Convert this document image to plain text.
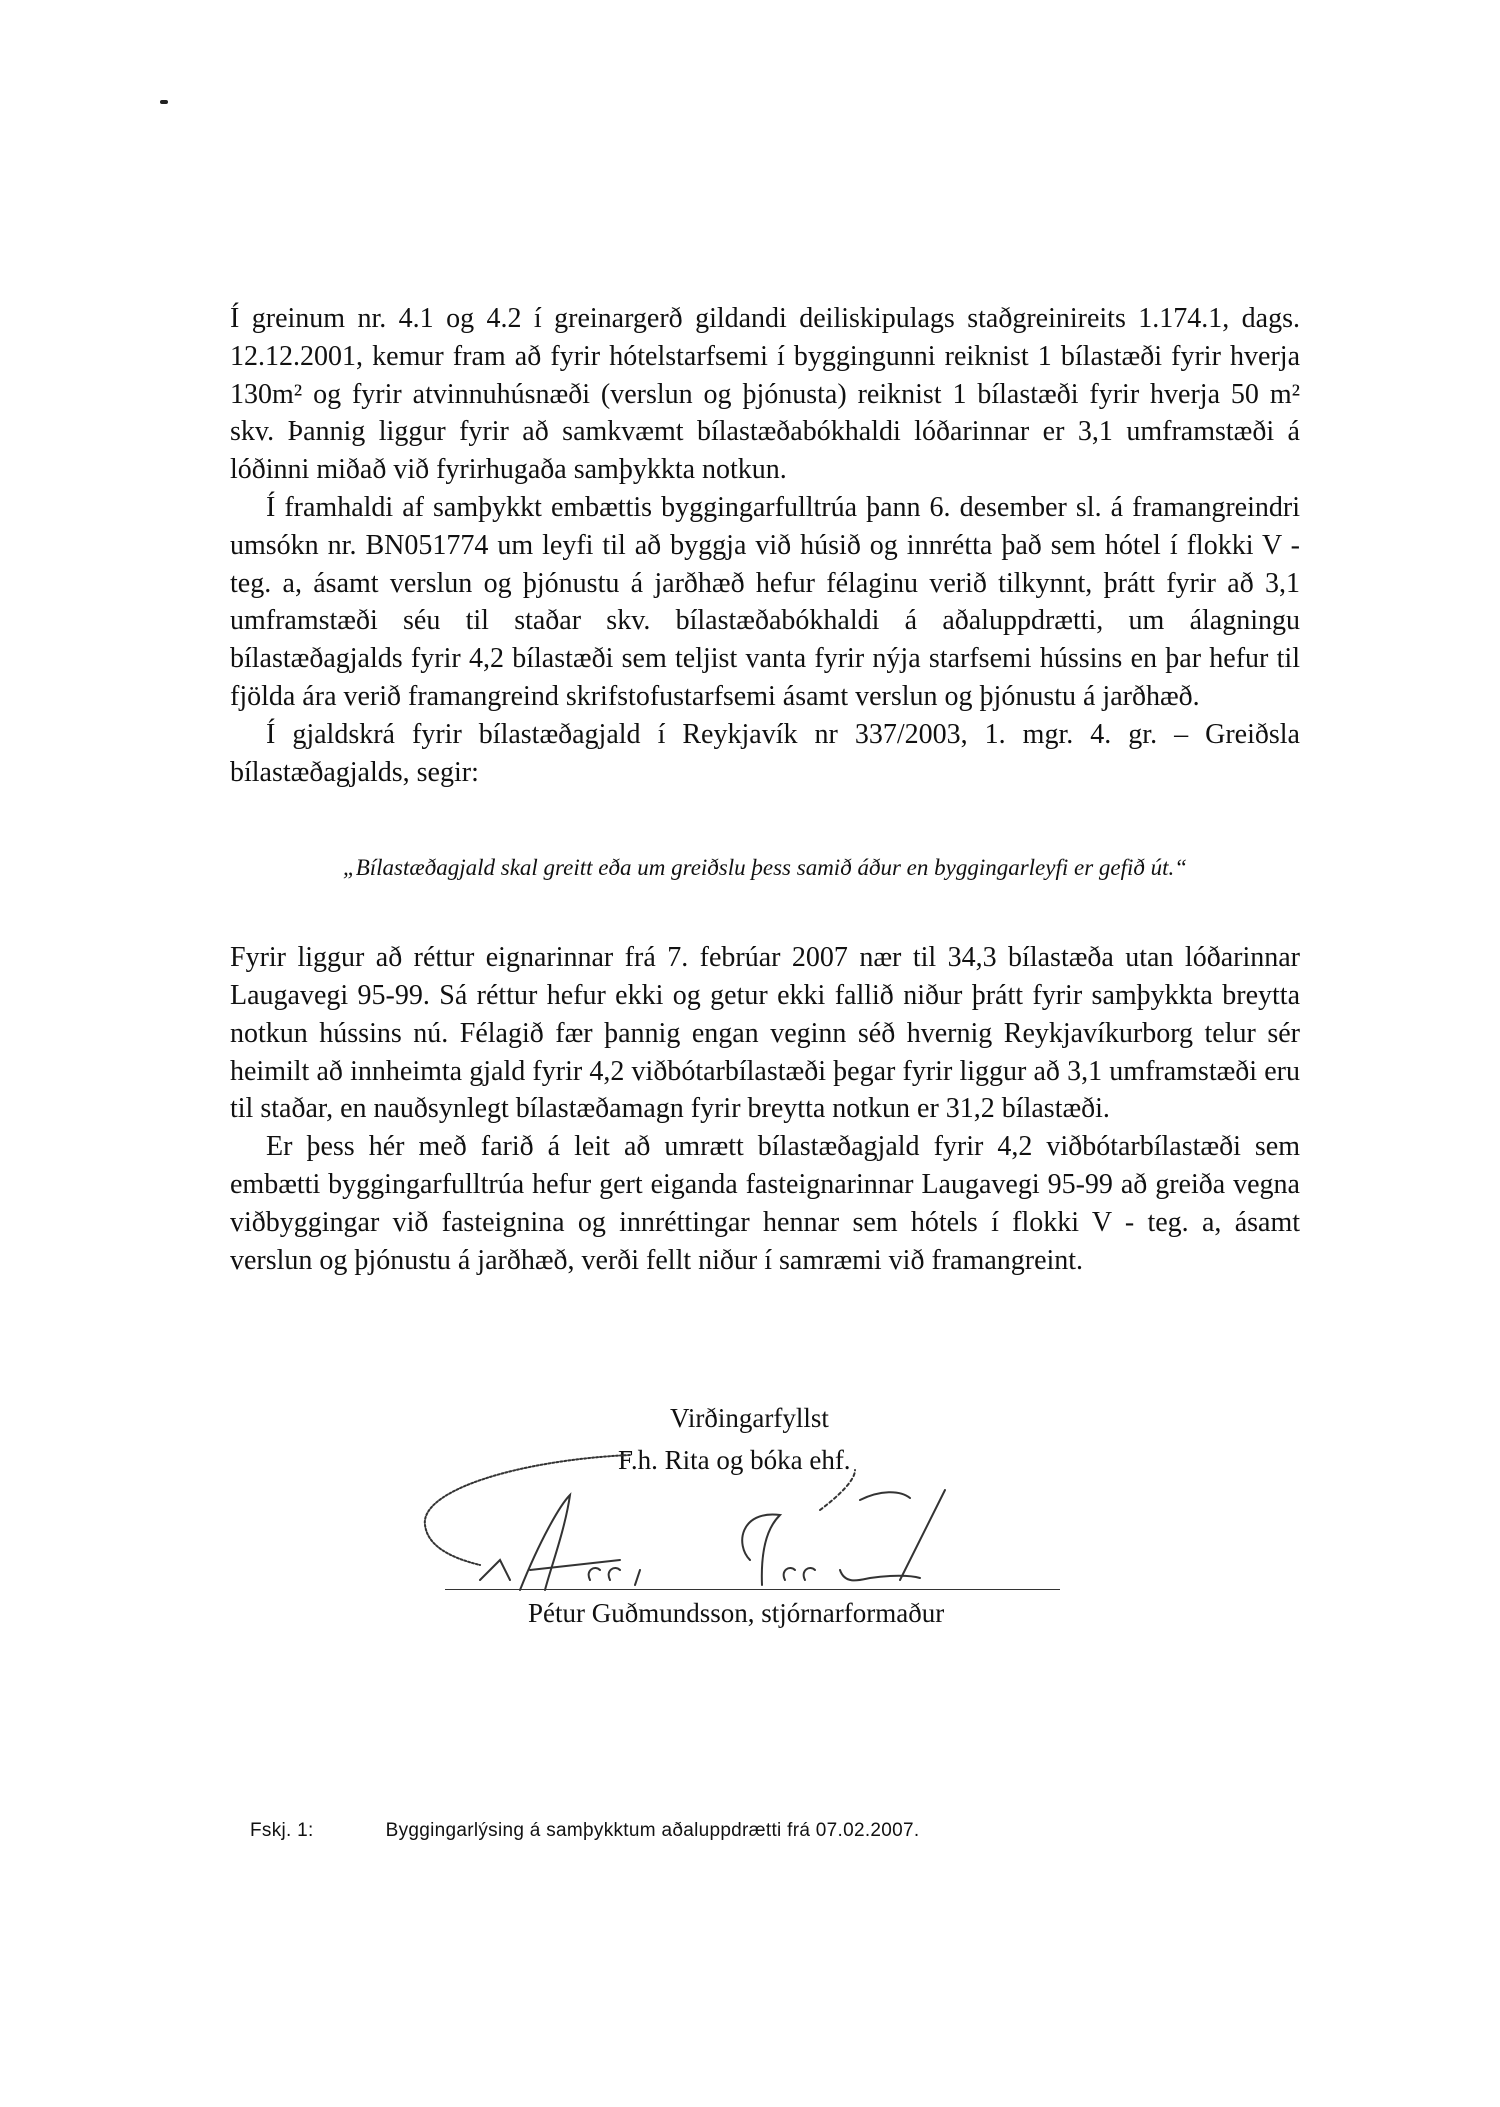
Í greinum nr. 4.1 og 4.2 í greinargerð gildandi deiliskipulags staðgreinireits 1.174.1, dags. 12.12.2001, kemur fram að fyrir hótelstarfsemi í byggingunni reiknist 1 bílastæði fyrir hverja 130m² og fyrir atvinnuhúsnæði (verslun og þjónusta) reiknist 1 bílastæði fyrir hverja 50 m² skv. Þannig liggur fyrir að samkvæmt bílastæðabókhaldi lóðarinnar er 3,1 umframstæði á lóðinni miðað við fyrirhugaða samþykkta notkun.

Í framhaldi af samþykkt embættis byggingarfulltrúa þann 6. desember sl. á framangreindri umsókn nr. BN051774 um leyfi til að byggja við húsið og innrétta það sem hótel í flokki V - teg. a, ásamt verslun og þjónustu á jarðhæð hefur félaginu verið tilkynnt, þrátt fyrir að 3,1 umframstæði séu til staðar skv. bílastæðabókhaldi á aðaluppdrætti, um álagningu bílastæðagjalds fyrir 4,2 bílastæði sem teljist vanta fyrir nýja starfsemi hússins en þar hefur til fjölda ára verið framangreind skrifstofustarfsemi ásamt verslun og þjónustu á jarðhæð.

Í gjaldskrá fyrir bílastæðagjald í Reykjavík nr 337/2003, 1. mgr. 4. gr. – Greiðsla bílastæðagjalds, segir:

„Bílastæðagjald skal greitt eða um greiðslu þess samið áður en byggingarleyfi er gefið út.“

Fyrir liggur að réttur eignarinnar frá 7. febrúar 2007 nær til 34,3 bílastæða utan lóðarinnar Laugavegi 95-99. Sá réttur hefur ekki og getur ekki fallið niður þrátt fyrir samþykkta breytta notkun hússins nú. Félagið fær þannig engan veginn séð hvernig Reykjavíkurborg telur sér heimilt að innheimta gjald fyrir 4,2 viðbótarbílastæði þegar fyrir liggur að 3,1 umframstæði eru til staðar, en nauðsynlegt bílastæðamagn fyrir breytta notkun er 31,2 bílastæði.

Er þess hér með farið á leit að umrætt bílastæðagjald fyrir 4,2 viðbótarbílastæði sem embætti byggingarfulltrúa hefur gert eiganda fasteignarinnar Laugavegi 95-99 að greiða vegna viðbyggingar við fasteignina og innréttingar hennar sem hótels í flokki V - teg. a, ásamt verslun og þjónustu á jarðhæð, verði fellt niður í samræmi við framangreint.

Virðingarfyllst
F.h. Rita og bóka ehf.
Pétur Guðmundsson, stjórnarformaður
Fskj. 1:	Byggingarlýsing á samþykktum aðaluppdrætti frá 07.02.2007.
